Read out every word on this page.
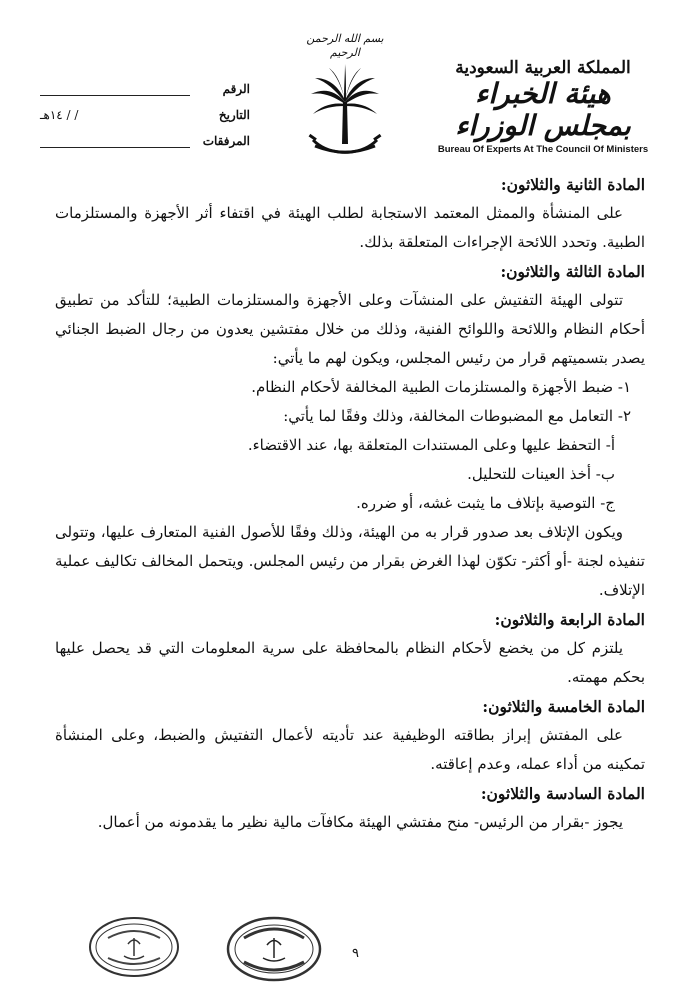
المملكة العربية السعودية
هيئة الخبراء بمجلس الوزراء
Bureau Of Experts At The Council Of Ministers
بسم الله الرحمن الرحيم
الرقم
التاريخ
/ / ١٤هـ
المرفقات

المادة الثانية والثلاثون:

على المنشأة والممثل المعتمد الاستجابة لطلب الهيئة في اقتفاء أثر الأجهزة والمستلزمات الطبية. وتحدد اللائحة الإجراءات المتعلقة بذلك.

المادة الثالثة والثلاثون:

تتولى الهيئة التفتيش على المنشآت وعلى الأجهزة والمستلزمات الطبية؛ للتأكد من تطبيق أحكام النظام واللائحة واللوائح الفنية، وذلك من خلال مفتشين يعدون من رجال الضبط الجنائي يصدر بتسميتهم قرار من رئيس المجلس، ويكون لهم ما يأتي:

١- ضبط الأجهزة والمستلزمات الطبية المخالفة لأحكام النظام.

٢- التعامل مع المضبوطات المخالفة، وذلك وفقًا لما يأتي:

أ- التحفظ عليها وعلى المستندات المتعلقة بها، عند الاقتضاء.

ب- أخذ العينات للتحليل.

ج- التوصية بإتلاف ما يثبت غشه، أو ضرره.

ويكون الإتلاف بعد صدور قرار به من الهيئة، وذلك وفقًا للأصول الفنية المتعارف عليها، وتتولى تنفيذه لجنة -أو أكثر- تكوّن لهذا الغرض بقرار من رئيس المجلس. ويتحمل المخالف تكاليف عملية الإتلاف.

المادة الرابعة والثلاثون:

يلتزم كل من يخضع لأحكام النظام بالمحافظة على سرية المعلومات التي قد يحصل عليها بحكم مهمته.

المادة الخامسة والثلاثون:

على المفتش إبراز بطاقته الوظيفية عند تأديته لأعمال التفتيش والضبط، وعلى المنشأة تمكينه من أداء عمله، وعدم إعاقته.

المادة السادسة والثلاثون:

يجوز -بقرار من الرئيس- منح مفتشي الهيئة مكافآت مالية نظير ما يقدمونه من أعمال.

٩
